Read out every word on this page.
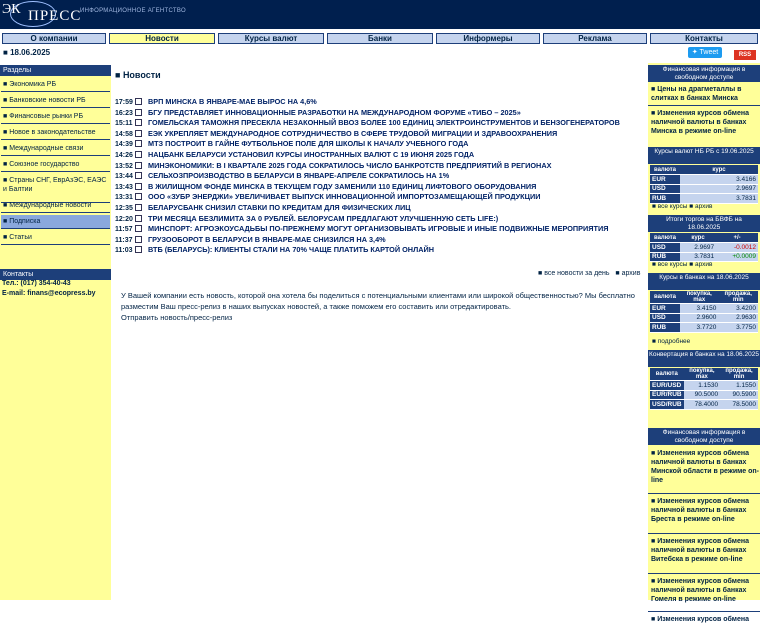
ЭК ПРЕСС
ИНФОРМАЦИОННОЕ АГЕНТСТВО
О компании	Новости	Курсы валют	Банки	Информеры	Реклама	Контакты
■ 18.06.2025	✦ Tweet	RSS
Разделы
■ Экономика РБ
■ Банковские новости РБ
■ Финансовые рынки РБ
■ Новое в законодательстве
■ Международные связи
■ Союзное государство
■ Страны СНГ, ЕврАзЭС, ЕАЭС и Балтии
■ Международные новости
■ Подписка
■ Статьи
Контакты
Тел.: (017) 354-40-43
E-mail: finans@ecopress.by
■ Новости
17:59 ВРП МИНСКА В ЯНВАРЕ-МАЕ ВЫРОС НА 4,6%
16:23 БГУ ПРЕДСТАВЛЯЕТ ИННОВАЦИОННЫЕ РАЗРАБОТКИ НА МЕЖДУНАРОДНОМ ФОРУМЕ «ТИБО – 2025»
15:11 ГОМЕЛЬСКАЯ ТАМОЖНЯ ПРЕСЕКЛА НЕЗАКОННЫЙ ВВОЗ БОЛЕЕ 100 ЕДИНИЦ ЭЛЕКТРОИНСТРУМЕНТОВ И БЕНЗОГЕНЕРАТОРОВ
14:58 ЕЭК УКРЕПЛЯЕТ МЕЖДУНАРОДНОЕ СОТРУДНИЧЕСТВО В СФЕРЕ ТРУДОВОЙ МИГРАЦИИ И ЗДРАВООХРАНЕНИЯ
14:39 МТЗ ПОСТРОИТ В ГАЙНЕ ФУТБОЛЬНОЕ ПОЛЕ ДЛЯ ШКОЛЫ К НАЧАЛУ УЧЕБНОГО ГОДА
14:26 НАЦБАНК БЕЛАРУСИ УСТАНОВИЛ КУРСЫ ИНОСТРАННЫХ ВАЛЮТ С 19 ИЮНЯ 2025 ГОДА
13:52 МИНЭКОНОМИКИ: В I КВАРТАЛЕ 2025 ГОДА СОКРАТИЛОСЬ ЧИСЛО БАНКРОТСТВ ПРЕДПРИЯТИЙ В РЕГИОНАХ
13:44 СЕЛЬХОЗПРОИЗВОДСТВО В БЕЛАРУСИ В ЯНВАРЕ-АПРЕЛЕ СОКРАТИЛОСЬ НА 1%
13:43 В ЖИЛИЩНОМ ФОНДЕ МИНСКА В ТЕКУЩЕМ ГОДУ ЗАМЕНИЛИ 110 ЕДИНИЦ ЛИФТОВОГО ОБОРУДОВАНИЯ
13:31 ООО «ЗУБР ЭНЕРДЖИ» УВЕЛИЧИВАЕТ ВЫПУСК ИННОВАЦИОННОЙ ИМПОРТОЗАМЕЩАЮЩЕЙ ПРОДУКЦИИ
12:35 БЕЛАРУСБАНК СНИЗИЛ СТАВКИ ПО КРЕДИТАМ ДЛЯ ФИЗИЧЕСКИХ ЛИЦ
12:20 ТРИ МЕСЯЦА БЕЗЛИМИТА ЗА 0 РУБЛЕЙ. БЕЛОРУСАМ ПРЕДЛАГАЮТ УЛУЧШЕННУЮ СЕТЬ LIFE:)
11:57 МИНСПОРТ: АГРОЭКОУСАДЬБЫ ПО-ПРЕЖНЕМУ МОГУТ ОРГАНИЗОВЫВАТЬ ИГРОВЫЕ И ИНЫЕ ПОДВИЖНЫЕ МЕРОПРИЯТИЯ
11:37 ГРУЗООБОРОТ В БЕЛАРУСИ В ЯНВАРЕ-МАЕ СНИЗИЛСЯ НА 3,4%
11:03 ВТБ (БЕЛАРУСЬ): КЛИЕНТЫ СТАЛИ НА 70% ЧАЩЕ ПЛАТИТЬ КАРТОЙ ОНЛАЙН
■ все новости за день ■ архив
У Вашей компании есть новость, которой она хотела бы поделиться с потенциальными клиентами или широкой общественностью? Мы бесплатно разместим Ваш пресс-релиз в наших выпусках новостей, а также поможем его составить или отредактировать.
Отправить новость/пресс-релиз
Финансовая информация в свободном доступе
■ Цены на драгметаллы в слитках в банках Минска
■ Изменения курсов обмена наличной валюты в банках Минска в режиме on-line
Курсы валют НБ РБ с 19.06.2025
валюта	курс
EUR	3.4166
USD	2.9697
RUB	3.7831
■ все курсы ■ архив
Итоги торгов на БВФБ на 18.06.2025
валюта	курс	+/-
USD	2.9697	-0.0012
RUB	3.7831	+0.0009
■ все курсы ■ архив
Курсы в банках на 18.06.2025
валюта	покупка, max	продажа, min
EUR	3.4150	3.4200
USD	2.9600	2.9630
RUB	3.7720	3.7750
■ подробнее
Конвертация в банках на 18.06.2025
валюта	покупка, max	продажа, min
EUR/USD	1.1530	1.1550
EUR/RUB	90.5000	90.5900
USD/RUB	78.4000	78.5000
Финансовая информация в свободном доступе
■ Изменения курсов обмена наличной валюты в банках Минской области в режиме on-line
■ Изменения курсов обмена наличной валюты в банках Бреста в режиме on-line
■ Изменения курсов обмена наличной валюты в банках Витебска в режиме on-line
■ Изменения курсов обмена наличной валюты в банках Гомеля в режиме on-line
■ Изменения курсов обмена
